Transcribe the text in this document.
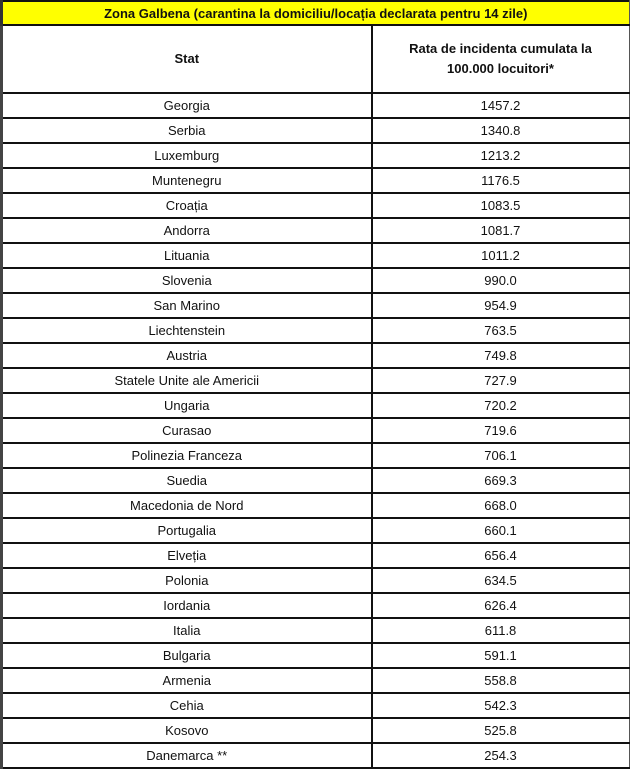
Zona Galbena (carantina la domiciliu/locația declarata pentru 14 zile)	
Stat	Rata de incidenta cumulata la 100.000 locuitori*
Georgia	1457.2
Serbia	1340.8
Luxemburg	1213.2
Muntenegru	1176.5
Croația	1083.5
Andorra	1081.7
Lituania	1011.2
Slovenia	990.0
San Marino	954.9
Liechtenstein	763.5
Austria	749.8
Statele Unite ale Americii	727.9
Ungaria	720.2
Curasao	719.6
Polinezia Franceza	706.1
Suedia	669.3
Macedonia de Nord	668.0
Portugalia	660.1
Elveția	656.4
Polonia	634.5
Iordania	626.4
Italia	611.8
Bulgaria	591.1
Armenia	558.8
Cehia	542.3
Kosovo	525.8
Danemarca **	254.3
